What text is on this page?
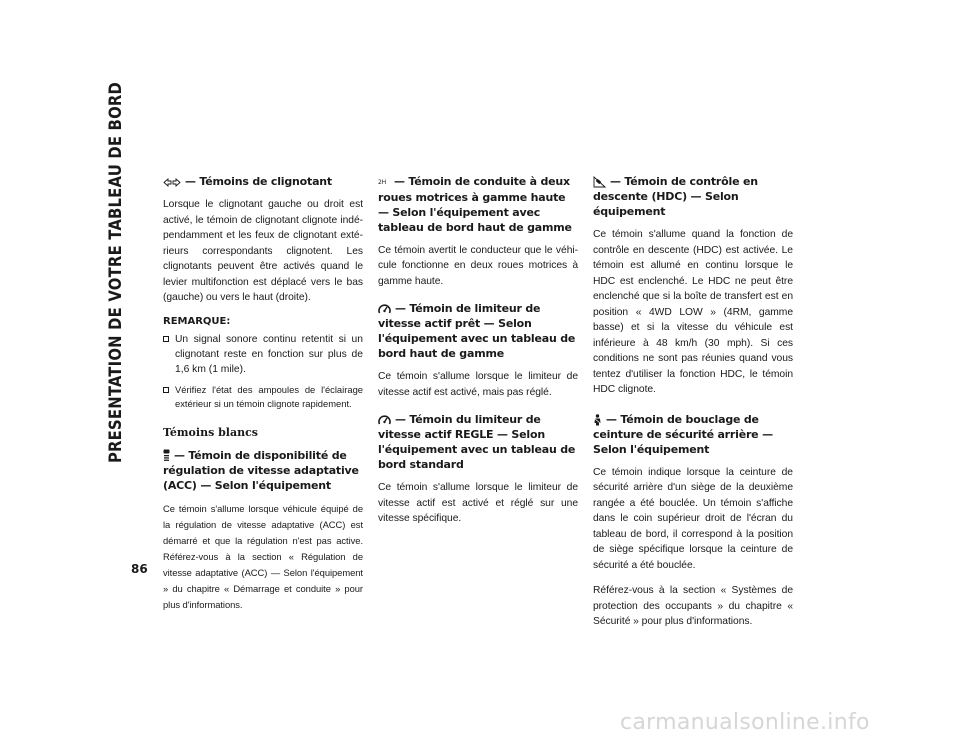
PRESENTATION DE VOTRE TABLEAU DE BORD
86
— Témoins de clignotant

Lorsque le clignotant gauche ou droit est activé, le témoin de clignotant clignote indé-pendamment et les feux de clignotant exté-rieurs correspondants clignotent. Les clignotants peuvent être activés quand le levier multifonction est déplacé vers le bas (gauche) ou vers le haut (droite).

REMARQUE:
Un signal sonore continu retentit si un clignotant reste en fonction sur plus de 1,6 km (1 mile).
Vérifiez l'état des ampoules de l'éclairage extérieur si un témoin clignote rapidement.
Témoins blancs
— Témoin de disponibilité de régulation de vitesse adaptative (ACC) — Selon l'équipement

Ce témoin s'allume lorsque véhicule équipé de la régulation de vitesse adaptative (ACC) est démarré et que la régulation n'est pas active. Référez-vous à la section « Régulation de vitesse adaptative (ACC) — Selon l'équipement » du chapitre « Démarrage et conduite » pour plus d'informations.

2H — Témoin de conduite à deux roues motrices à gamme haute — Selon l'équipement avec tableau de bord haut de gamme

Ce témoin avertit le conducteur que le véhi-cule fonctionne en deux roues motrices à gamme haute.

— Témoin de limiteur de vitesse actif prêt — Selon l'équipement avec un tableau de bord haut de gamme

Ce témoin s'allume lorsque le limiteur de vitesse actif est activé, mais pas réglé.

— Témoin du limiteur de vitesse actif REGLE — Selon l'équipement avec un tableau de bord standard

Ce témoin s'allume lorsque le limiteur de vitesse actif est activé et réglé sur une vitesse spécifique.

— Témoin de contrôle en descente (HDC) — Selon équipement

Ce témoin s'allume quand la fonction de contrôle en descente (HDC) est activée. Le témoin est allumé en continu lorsque le HDC est enclenché. Le HDC ne peut être enclenché que si la boîte de transfert est en position « 4WD LOW » (4RM, gamme basse) et si la vitesse du véhicule est inférieure à 48 km/h (30 mph). Si ces conditions ne sont pas réunies quand vous tentez d'utiliser la fonction HDC, le témoin HDC clignote.

— Témoin de bouclage de ceinture de sécurité arrière — Selon l'équipement

Ce témoin indique lorsque la ceinture de sécurité arrière d'un siège de la deuxième rangée a été bouclée. Un témoin s'affiche dans le coin supérieur droit de l'écran du tableau de bord, il correspond à la position de siège spécifique lorsque la ceinture de sécurité a été bouclée.

Référez-vous à la section « Systèmes de protection des occupants » du chapitre « Sécurité » pour plus d'informations.

carmanualsonline.info
